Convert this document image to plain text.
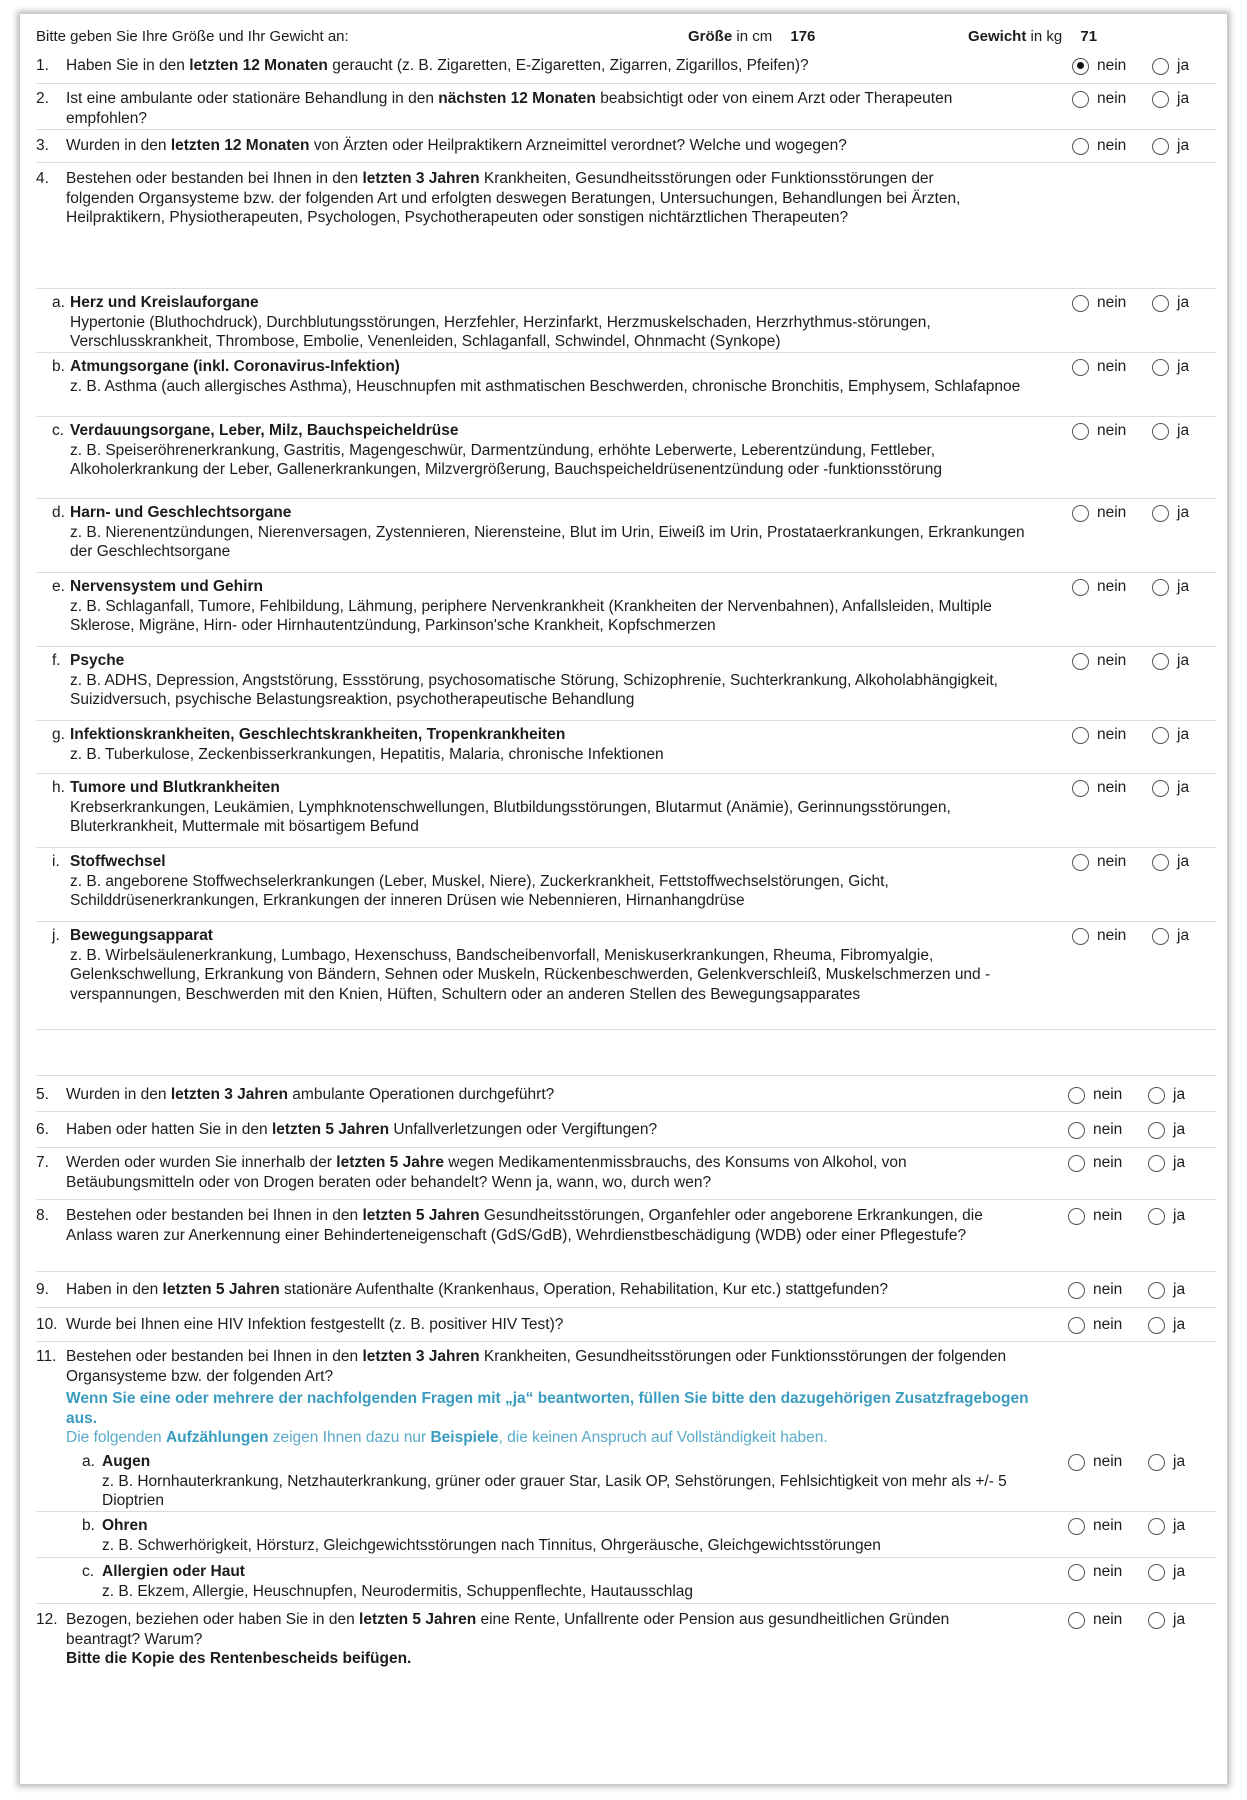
Bitte geben Sie Ihre Größe und Ihr Gewicht an:	Größe in cm 176	Gewicht in kg 71
1. Haben Sie in den letzten 12 Monaten geraucht (z. B. Zigaretten, E-Zigaretten, Zigarren, Zigarillos, Pfeifen)?	nein	ja
2. Ist eine ambulante oder stationäre Behandlung in den nächsten 12 Monaten beabsichtigt oder von einem Arzt oder Therapeuten empfohlen?
nein	ja
3. Wurden in den letzten 12 Monaten von Ärzten oder Heilpraktikern Arzneimittel verordnet? Welche und wogegen?	nein	ja
4. Bestehen oder bestanden bei Ihnen in den letzten 3 Jahren Krankheiten, Gesundheitsstörungen oder Funktionsstörungen der folgenden Organsysteme bzw. der folgenden Art und erfolgten deswegen Beratungen, Untersuchungen, Behandlungen bei Ärzten, Heilpraktikern, Physiotherapeuten, Psychologen, Psychotherapeuten oder sonstigen nichtärztlichen Therapeuten?
a. Herz und Kreislauforgane
Hypertonie (Bluthochdruck), Durchblutungsstörungen, Herzfehler, Herzinfarkt, Herzmuskelschaden, Herzrhythmus-störungen, Verschlusskrankheit, Thrombose, Embolie, Venenleiden, Schlaganfall, Schwindel, Ohnmacht (Synkope)
nein	ja
b. Atmungsorgane (inkl. Coronavirus-Infektion)
z. B. Asthma (auch allergisches Asthma), Heuschnupfen mit asthmatischen Beschwerden, chronische Bronchitis, Emphysem, Schlafapnoe
nein	ja
c. Verdauungsorgane, Leber, Milz, Bauchspeicheldrüse
z. B. Speiseröhrenerkrankung, Gastritis, Magengeschwür, Darmentzündung, erhöhte Leberwerte, Leberentzündung, Fettleber, Alkoholerkrankung der Leber, Gallenerkrankungen, Milzvergrößerung, Bauchspeicheldrüsenentzündung oder -funktionsstörung
nein	ja
d. Harn- und Geschlechtsorgane
z. B. Nierenentzündungen, Nierenversagen, Zystennieren, Nierensteine, Blut im Urin, Eiweiß im Urin, Prostataerkrankungen, Erkrankungen der Geschlechtsorgane
nein	ja
e. Nervensystem und Gehirn
z. B. Schlaganfall, Tumore, Fehlbildung, Lähmung, periphere Nervenkrankheit (Krankheiten der Nervenbahnen), Anfallsleiden, Multiple Sklerose, Migräne, Hirn- oder Hirnhautentzündung, Parkinson'sche Krankheit, Kopfschmerzen
nein	ja
f. Psyche
z. B. ADHS, Depression, Angststörung, Essstörung, psychosomatische Störung, Schizophrenie, Suchterkrankung, Alkoholabhängigkeit, Suizidversuch, psychische Belastungsreaktion, psychotherapeutische Behandlung
nein	ja
g. Infektionskrankheiten, Geschlechtskrankheiten, Tropenkrankheiten
z. B. Tuberkulose, Zeckenbisserkrankungen, Hepatitis, Malaria, chronische Infektionen
nein	ja
h. Tumore und Blutkrankheiten
Krebserkrankungen, Leukämien, Lymphknotenschwellungen, Blutbildungsstörungen, Blutarmut (Anämie), Gerinnungsstörungen, Bluterkrankheit, Muttermale mit bösartigem Befund
nein	ja
i. Stoffwechsel
z. B. angeborene Stoffwechselerkrankungen (Leber, Muskel, Niere), Zuckerkrankheit, Fettstoffwechselstörungen, Gicht, Schilddrüsenerkrankungen, Erkrankungen der inneren Drüsen wie Nebennieren, Hirnanhangdrüse
nein	ja
j. Bewegungsapparat
z. B. Wirbelsäulenerkrankung, Lumbago, Hexenschuss, Bandscheibenvorfall, Meniskuserkrankungen, Rheuma, Fibromyalgie, Gelenkschwellung, Erkrankung von Bändern, Sehnen oder Muskeln, Rückenbeschwerden, Gelenkverschleiß, Muskelschmerzen und -verspannungen, Beschwerden mit den Knien, Hüften, Schultern oder an anderen Stellen des Bewegungsapparates
nein	ja
5. Wurden in den letzten 3 Jahren ambulante Operationen durchgeführt?	nein	ja
6. Haben oder hatten Sie in den letzten 5 Jahren Unfallverletzungen oder Vergiftungen?	nein	ja
7. Werden oder wurden Sie innerhalb der letzten 5 Jahre wegen Medikamentenmissbrauchs, des Konsums von Alkohol, von Betäubungsmitteln oder von Drogen beraten oder behandelt? Wenn ja, wann, wo, durch wen?
nein	ja
8. Bestehen oder bestanden bei Ihnen in den letzten 5 Jahren Gesundheitsstörungen, Organfehler oder angeborene Erkrankungen, die Anlass waren zur Anerkennung einer Behinderteneigenschaft (GdS/GdB), Wehrdienstbeschädigung (WDB) oder einer Pflegestufe?
nein	ja
9. Haben in den letzten 5 Jahren stationäre Aufenthalte (Krankenhaus, Operation, Rehabilitation, Kur etc.) stattgefunden?	nein	ja
10. Wurde bei Ihnen eine HIV Infektion festgestellt (z. B. positiver HIV Test)?	nein	ja
11. Bestehen oder bestanden bei Ihnen in den letzten 3 Jahren Krankheiten, Gesundheitsstörungen oder Funktionsstörungen der folgenden Organsysteme bzw. der folgenden Art?
Wenn Sie eine oder mehrere der nachfolgenden Fragen mit „ja“ beantworten, füllen Sie bitte den dazugehörigen Zusatzfragebogen aus.
Die folgenden Aufzählungen zeigen Ihnen dazu nur Beispiele, die keinen Anspruch auf Vollständigkeit haben.
a. Augen
z. B. Hornhauterkrankung, Netzhauterkrankung, grüner oder grauer Star, Lasik OP, Sehstörungen, Fehlsichtigkeit von mehr als +/- 5 Dioptrien
nein	ja
b. Ohren
z. B. Schwerhörigkeit, Hörsturz, Gleichgewichtsstörungen nach Tinnitus, Ohrgeräusche, Gleichgewichtsstörungen
nein	ja
c. Allergien oder Haut
z. B. Ekzem, Allergie, Heuschnupfen, Neurodermitis, Schuppenflechte, Hautausschlag
nein	ja
12. Bezogen, beziehen oder haben Sie in den letzten 5 Jahren eine Rente, Unfallrente oder Pension aus gesundheitlichen Gründen beantragt? Warum?
Bitte die Kopie des Rentenbescheids beifügen.
nein	ja
